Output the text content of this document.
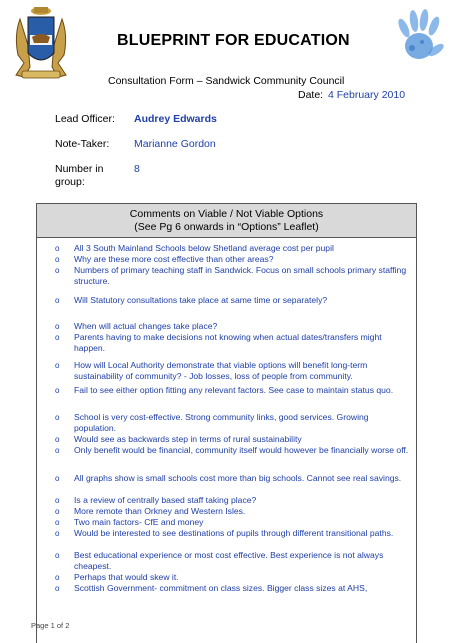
BLUEPRINT FOR EDUCATION
Consultation Form – Sandwick Community Council
Date: 4 February 2010
Lead Officer: Audrey Edwards
Note-Taker: Marianne Gordon
Number in group:
8
Comments on Viable / Not Viable Options
(See Pg 6 onwards in “Options” Leaflet)
o All 3 South Mainland Schools below Shetland average cost per pupil
o Why are these more cost effective than other areas?
o Numbers of primary teaching staff in Sandwick. Focus on small schools primary staffing structure.
o Will Statutory consultations take place at same time or separately?
o When will actual changes take place?
o Parents having to make decisions not knowing when actual dates/transfers might happen.
o How will Local Authority demonstrate that viable options will benefit long-term sustainability of community? - Job losses, loss of people from community.
o Fail to see either option fitting any relevant factors. See case to maintain status quo.
o School is very cost-effective. Strong community links, good services. Growing population.
o Would see as backwards step in terms of rural sustainability
o Only benefit would be financial, community itself would however be financially worse off.
o All graphs show is small schools cost more than big schools. Cannot see real savings.
o Is a review of centrally based staff taking place?
o More remote than Orkney and Western Isles.
o Two main factors- CfE and money
o Would be interested to see destinations of pupils through different transitional paths.
o Best educational experience or most cost effective. Best experience is not always cheapest.
o Perhaps that would skew it.
o Scottish Government- commitment on class sizes. Bigger class sizes at AHS,
Page 1 of 2
